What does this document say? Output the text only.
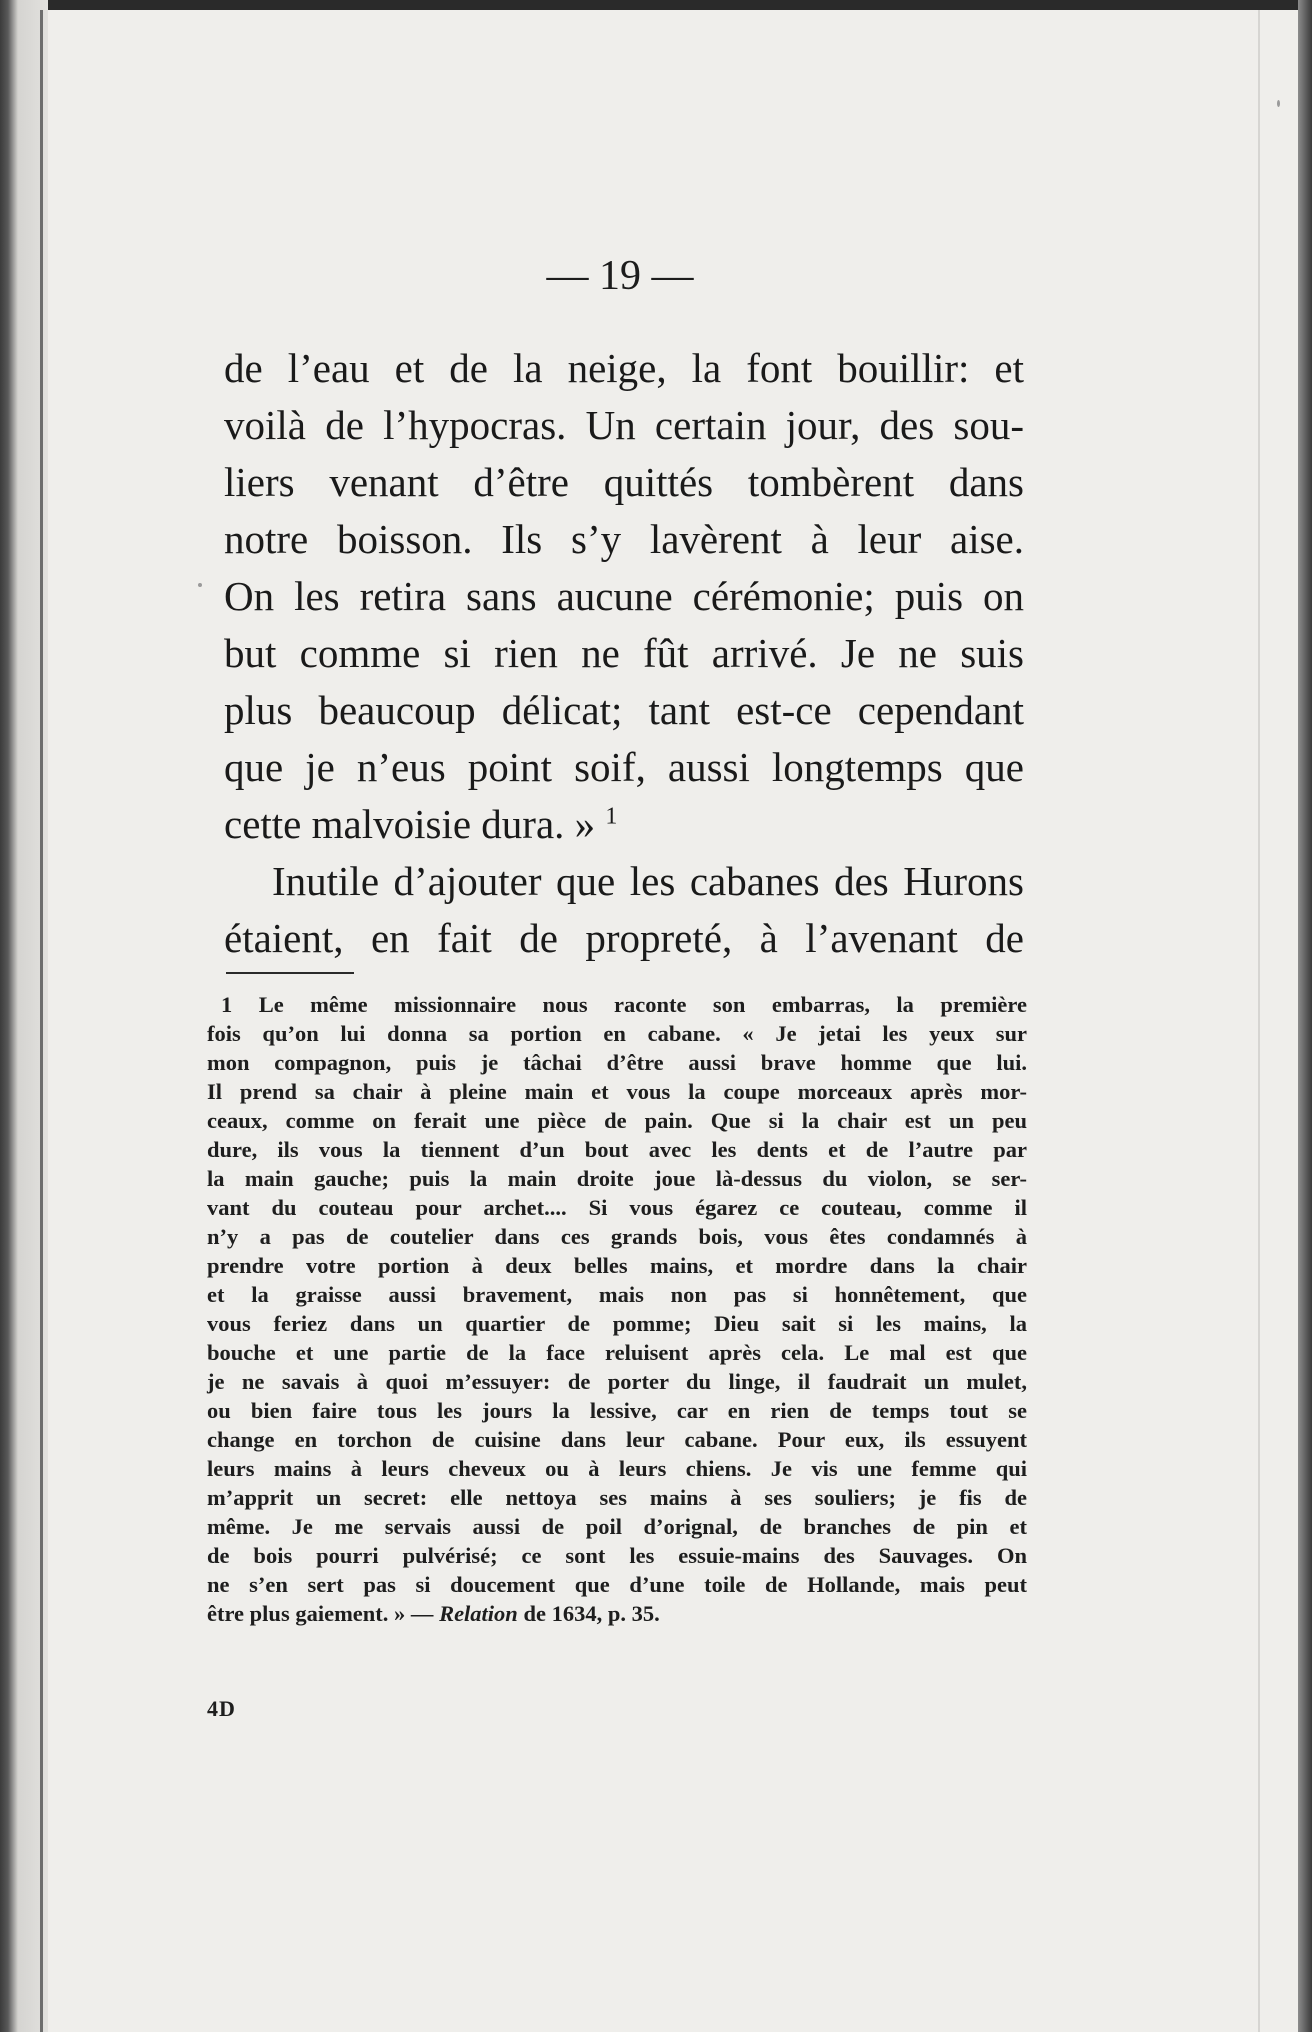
— 19 —

de l’eau et de la neige, la font bouillir: et
voilà de l’hypocras. Un certain jour, des sou-
liers venant d’être quittés tombèrent dans
notre boisson. Ils s’y lavèrent à leur aise.
On les retira sans aucune cérémonie; puis on
but comme si rien ne fût arrivé. Je ne suis
plus beaucoup délicat; tant est-ce cependant
que je n’eus point soif, aussi longtemps que
cette malvoisie dura. » $^1$
Inutile d’ajouter que les cabanes des Hurons
étaient, en fait de propreté, à l’avenant de
1 Le même missionnaire nous raconte son embarras, la première
fois qu’on lui donna sa portion en cabane. « Je jetai les yeux sur
mon compagnon, puis je tâchai d’être aussi brave homme que lui.
Il prend sa chair à pleine main et vous la coupe morceaux après mor-
ceaux, comme on ferait une pièce de pain. Que si la chair est un peu
dure, ils vous la tiennent d’un bout avec les dents et de l’autre par
la main gauche; puis la main droite joue là-dessus du violon, se ser-
vant du couteau pour archet.... Si vous égarez ce couteau, comme il
n’y a pas de coutelier dans ces grands bois, vous êtes condamnés à
prendre votre portion à deux belles mains, et mordre dans la chair
et la graisse aussi bravement, mais non pas si honnêtement, que
vous feriez dans un quartier de pomme; Dieu sait si les mains, la
bouche et une partie de la face reluisent après cela. Le mal est que
je ne savais à quoi m’essuyer: de porter du linge, il faudrait un mulet,
ou bien faire tous les jours la lessive, car en rien de temps tout se
change en torchon de cuisine dans leur cabane. Pour eux, ils essuyent
leurs mains à leurs cheveux ou à leurs chiens. Je vis une femme qui
m’apprit un secret: elle nettoya ses mains à ses souliers; je fis de
même. Je me servais aussi de poil d’orignal, de branches de pin et
de bois pourri pulvérisé; ce sont les essuie-mains des Sauvages. On
ne s’en sert pas si doucement que d’une toile de Hollande, mais peut
être plus gaiement. » — Relation de 1634, p. 35.
4D
